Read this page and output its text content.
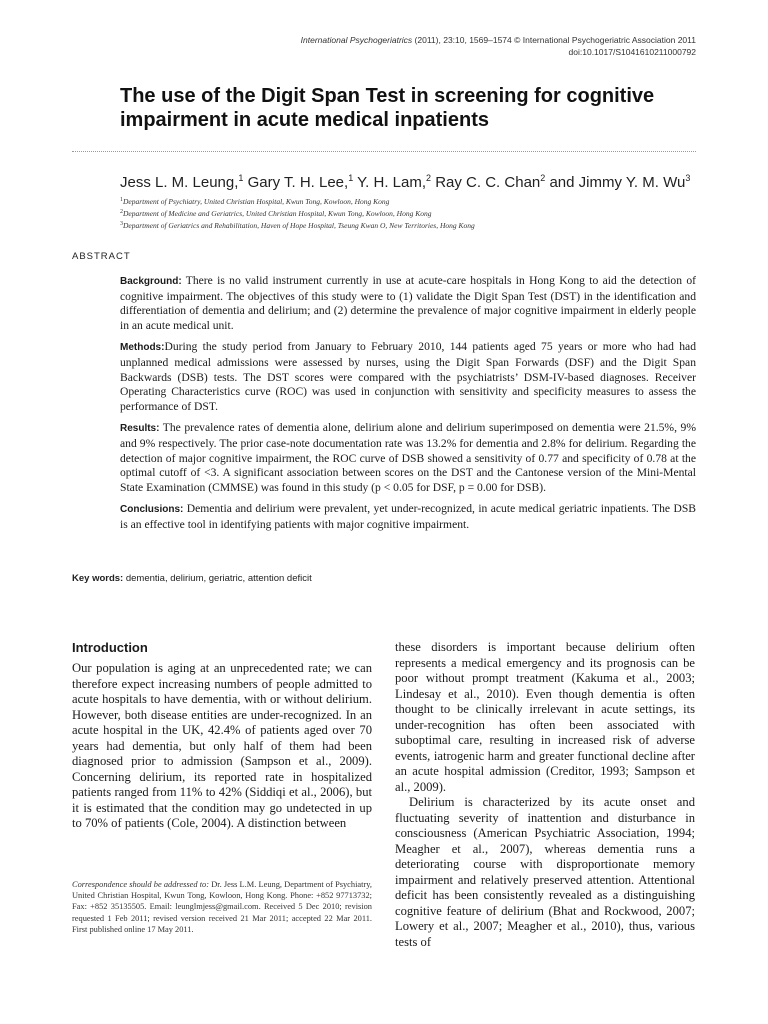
International Psychogeriatrics (2011), 23:10, 1569–1574 © International Psychogeriatric Association 2011
doi:10.1017/S1041610211000792
The use of the Digit Span Test in screening for cognitive impairment in acute medical inpatients
Jess L. M. Leung,$^1$ Gary T. H. Lee,$^1$ Y. H. Lam,$^2$ Ray C. C. Chan$^2$ and Jimmy Y. M. Wu$^3$
$^1$Department of Psychiatry, United Christian Hospital, Kwun Tong, Kowloon, Hong Kong
$^2$Department of Medicine and Geriatrics, United Christian Hospital, Kwun Tong, Kowloon, Hong Kong
$^3$Department of Geriatrics and Rehabilitation, Haven of Hope Hospital, Tseung Kwan O, New Territories, Hong Kong
ABSTRACT

Background: There is no valid instrument currently in use at acute-care hospitals in Hong Kong to aid the detection of cognitive impairment. The objectives of this study were to (1) validate the Digit Span Test (DST) in the identification and differentiation of dementia and delirium; and (2) determine the prevalence of major cognitive impairment in elderly people in an acute medical unit.

Methods:During the study period from January to February 2010, 144 patients aged 75 years or more who had had unplanned medical admissions were assessed by nurses, using the Digit Span Forwards (DSF) and the Digit Span Backwards (DSB) tests. The DST scores were compared with the psychiatrists’ DSM-IV-based diagnoses. Receiver Operating Characteristics curve (ROC) was used in conjunction with sensitivity and specificity measures to assess the performance of DST.

Results: The prevalence rates of dementia alone, delirium alone and delirium superimposed on dementia were 21.5%, 9% and 9% respectively. The prior case-note documentation rate was 13.2% for dementia and 2.8% for delirium. Regarding the detection of major cognitive impairment, the ROC curve of DSB showed a sensitivity of 0.77 and specificity of 0.78 at the optimal cutoff of <3. A significant association between scores on the DST and the Cantonese version of the Mini-Mental State Examination (CMMSE) was found in this study (p < 0.05 for DSF, p = 0.00 for DSB).

Conclusions: Dementia and delirium were prevalent, yet under-recognized, in acute medical geriatric inpatients. The DSB is an effective tool in identifying patients with major cognitive impairment.

Key words: dementia, delirium, geriatric, attention deficit
Introduction

Our population is aging at an unprecedented rate; we can therefore expect increasing numbers of people admitted to acute hospitals to have dementia, with or without delirium. However, both disease entities are under-recognized. In an acute hospital in the UK, 42.4% of patients aged over 70 years had dementia, but only half of them had been diagnosed prior to admission (Sampson et al., 2009). Concerning delirium, its reported rate in hospitalized patients ranged from 11% to 42% (Siddiqi et al., 2006), but it is estimated that the condition may go undetected in up to 70% of patients (Cole, 2004). A distinction between

Correspondence should be addressed to: Dr. Jess L.M. Leung, Department of Psychiatry, United Christian Hospital, Kwun Tong, Kowloon, Hong Kong. Phone: +852 97713732; Fax: +852 35135505. Email: leunglmjess@gmail.com. Received 5 Dec 2010; revision requested 1 Feb 2011; revised version received 21 Mar 2011; accepted 22 Mar 2011. First published online 17 May 2011.

these disorders is important because delirium often represents a medical emergency and its prognosis can be poor without prompt treatment (Kakuma et al., 2003; Lindesay et al., 2010). Even though dementia is often thought to be clinically irrelevant in acute settings, its under-recognition has often been associated with suboptimal care, resulting in increased risk of adverse events, iatrogenic harm and greater functional decline after an acute hospital admission (Creditor, 1993; Sampson et al., 2009).

Delirium is characterized by its acute onset and fluctuating severity of inattention and disturbance in consciousness (American Psychiatric Association, 1994; Meagher et al., 2007), whereas dementia runs a deteriorating course with disproportionate memory impairment and relatively preserved attention. Attentional deficit has been consistently revealed as a distinguishing cognitive feature of delirium (Bhat and Rockwood, 2007; Lowery et al., 2007; Meagher et al., 2010), thus, various tests of
